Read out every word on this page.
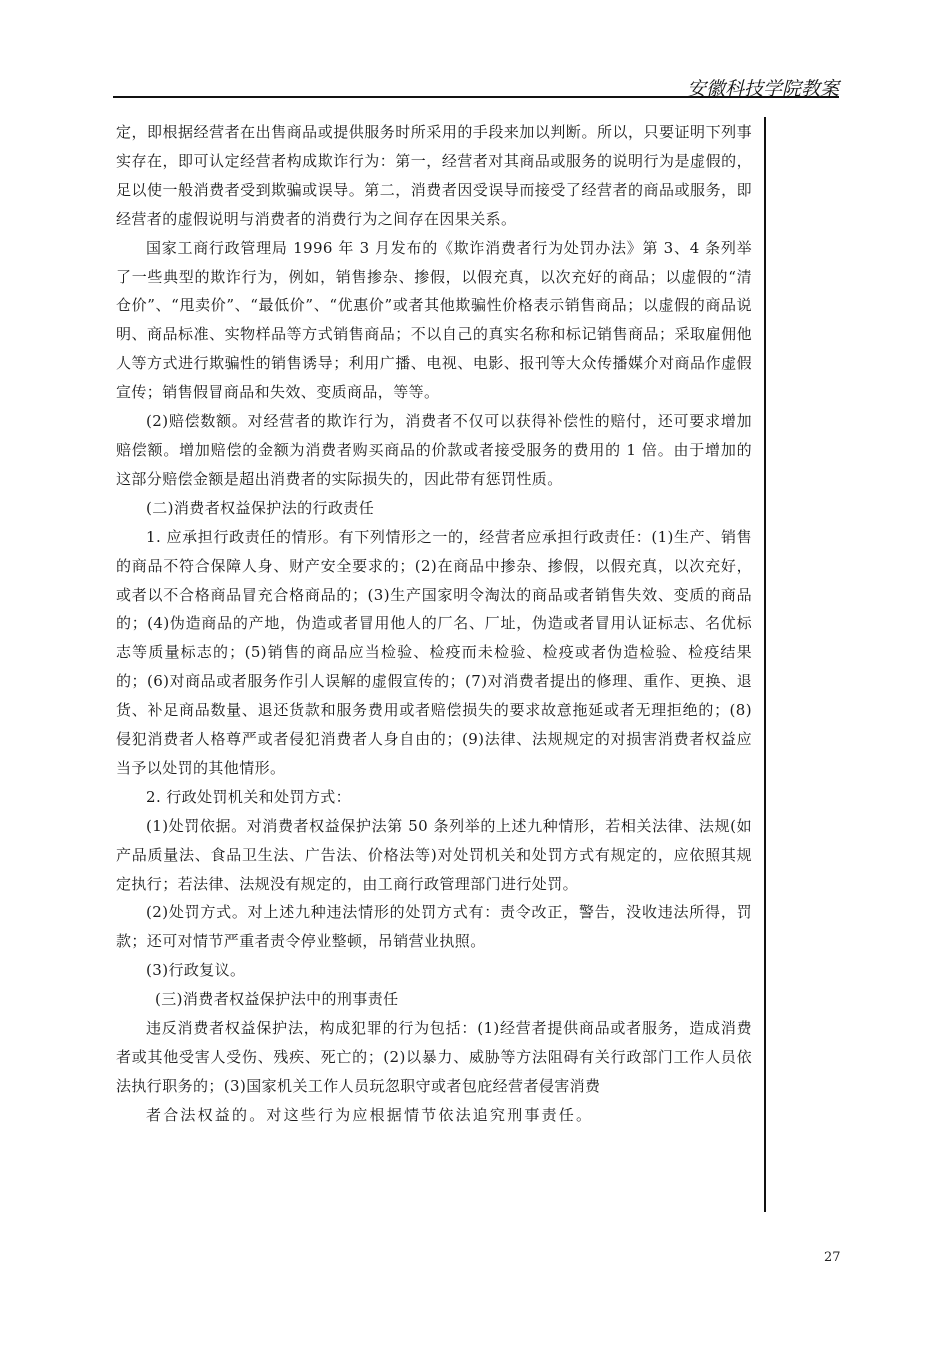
安徽科技学院教案

定，即根据经营者在出售商品或提供服务时所采用的手段来加以判断。所以，只要证明下列事实存在，即可认定经营者构成欺诈行为：第一，经营者对其商品或服务的说明行为是虚假的，足以使一般消费者受到欺骗或误导。第二，消费者因受误导而接受了经营者的商品或服务，即经营者的虚假说明与消费者的消费行为之间存在因果关系。

国家工商行政管理局 1996 年 3 月发布的《欺诈消费者行为处罚办法》第 3、4 条列举了一些典型的欺诈行为，例如，销售掺杂、掺假，以假充真，以次充好的商品；以虚假的“清仓价”、“甩卖价”、“最低价”、“优惠价”或者其他欺骗性价格表示销售商品；以虚假的商品说明、商品标准、实物样品等方式销售商品；不以自己的真实名称和标记销售商品；采取雇佣他人等方式进行欺骗性的销售诱导；利用广播、电视、电影、报刊等大众传播媒介对商品作虚假宣传；销售假冒商品和失效、变质商品，等等。

(2)赔偿数额。对经营者的欺诈行为，消费者不仅可以获得补偿性的赔付，还可要求增加赔偿额。增加赔偿的金额为消费者购买商品的价款或者接受服务的费用的 1 倍。由于增加的这部分赔偿金额是超出消费者的实际损失的，因此带有惩罚性质。

(二)消费者权益保护法的行政责任

1. 应承担行政责任的情形。有下列情形之一的，经营者应承担行政责任：(1)生产、销售的商品不符合保障人身、财产安全要求的；(2)在商品中掺杂、掺假，以假充真，以次充好，或者以不合格商品冒充合格商品的；(3)生产国家明令淘汰的商品或者销售失效、变质的商品的；(4)伪造商品的产地，伪造或者冒用他人的厂名、厂址，伪造或者冒用认证标志、名优标志等质量标志的；(5)销售的商品应当检验、检疫而未检验、检疫或者伪造检验、检疫结果的；(6)对商品或者服务作引人误解的虚假宣传的；(7)对消费者提出的修理、重作、更换、退货、补足商品数量、退还货款和服务费用或者赔偿损失的要求故意拖延或者无理拒绝的；(8)侵犯消费者人格尊严或者侵犯消费者人身自由的；(9)法律、法规规定的对损害消费者权益应当予以处罚的其他情形。

2. 行政处罚机关和处罚方式：

(1)处罚依据。对消费者权益保护法第 50 条列举的上述九种情形，若相关法律、法规(如产品质量法、食品卫生法、广告法、价格法等)对处罚机关和处罚方式有规定的，应依照其规定执行；若法律、法规没有规定的，由工商行政管理部门进行处罚。

(2)处罚方式。对上述九种违法情形的处罚方式有：责令改正，警告，没收违法所得，罚款；还可对情节严重者责令停业整顿，吊销营业执照。

(3)行政复议。

(三)消费者权益保护法中的刑事责任

违反消费者权益保护法，构成犯罪的行为包括：(1)经营者提供商品或者服务，造成消费者或其他受害人受伤、残疾、死亡的；(2)以暴力、威胁等方法阻碍有关行政部门工作人员依法执行职务的；(3)国家机关工作人员玩忽职守或者包庇经营者侵害消费

者合法权益的。对这些行为应根据情节依法追究刑事责任。

27
